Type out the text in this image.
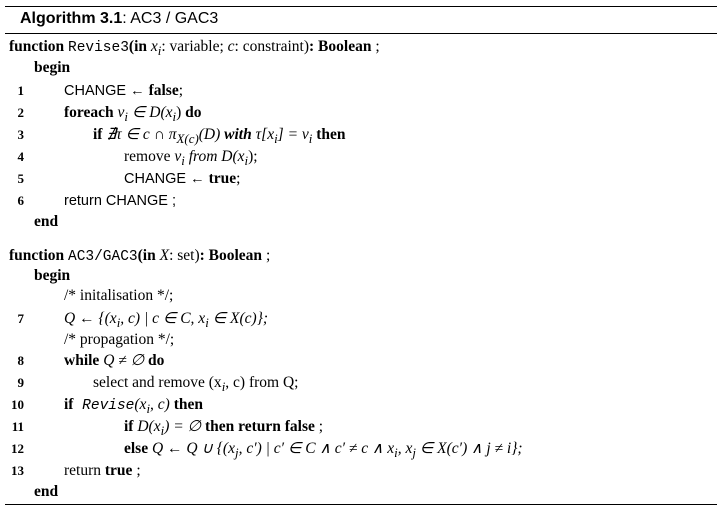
Algorithm 3.1: AC3 / GAC3
function Revise3(in $x_i$: variable; c: constraint): Boolean ;
begin
1	CHANGE ← false;
2	foreach $v_i$ ∈ $D(x_i)$ do
3	if ∄τ ∈ c ∩ $\pi_{X(c)}(D)$ with $\tau[x_i] = v_i$ then
4	remove $v_i$ from $D(x_i)$;
5	CHANGE ← true;
6	return CHANGE ;
end
function AC3/GAC3(in X: set): Boolean ;
begin
/* initalisation */;
7	Q ← {($x_i$, c) | c ∈ C, $x_i$ ∈ X(c)};
/* propagation */;
8	while Q ≠ ∅ do
9	select and remove ($x_i$, c) from Q;
10	if $Revise(x_i$, c) then
11	if $D(x_i)$ = ∅ then return false ;
12	else Q ← Q ∪ {($x_j$, c′) | c′ ∈ C ∧ c′ ≠ c ∧ $x_i$, $x_j$ ∈ X(c′) ∧ j ≠ i};
13	return true ;
end
